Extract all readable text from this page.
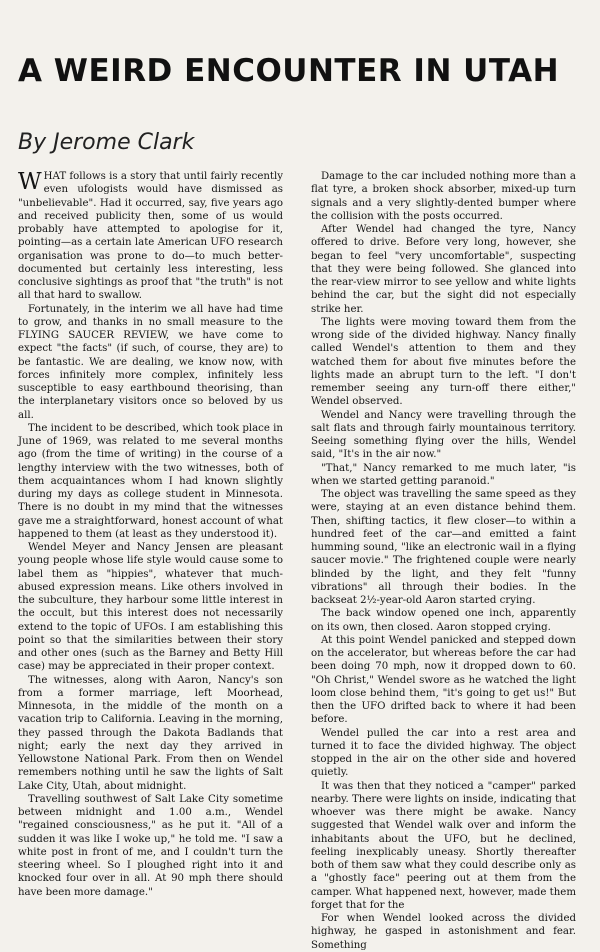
A WEIRD ENCOUNTER IN UTAH
By Jerome Clark

WHAT follows is a story that until fairly recently even ufologists would have dismissed as "unbelievable". Had it occurred, say, five years ago and received publicity then, some of us would probably have attempted to apologise for it, pointing—as a certain late American UFO research organisation was prone to do—to much better-documented but certainly less interesting, less conclusive sightings as proof that "the truth" is not all that hard to swallow.

Fortunately, in the interim we all have had time to grow, and thanks in no small measure to the FLYING SAUCER REVIEW, we have come to expect "the facts" (if such, of course, they are) to be fantastic. We are dealing, we know now, with forces infinitely more complex, infinitely less susceptible to easy earthbound theorising, than the interplanetary visitors once so beloved by us all.

The incident to be described, which took place in June of 1969, was related to me several months ago (from the time of writing) in the course of a lengthy interview with the two witnesses, both of them acquaintances whom I had known slightly during my days as college student in Minnesota. There is no doubt in my mind that the witnesses gave me a straightforward, honest account of what happened to them (at least as they understood it).

Wendel Meyer and Nancy Jensen are pleasant young people whose life style would cause some to label them as "hippies", whatever that much-abused expression means. Like others involved in the subculture, they harbour some little interest in the occult, but this interest does not necessarily extend to the topic of UFOs. I am establishing this point so that the similarities between their story and other ones (such as the Barney and Betty Hill case) may be appreciated in their proper context.

The witnesses, along with Aaron, Nancy's son from a former marriage, left Moorhead, Minnesota, in the middle of the month on a vacation trip to California. Leaving in the morning, they passed through the Dakota Badlands that night; early the next day they arrived in Yellowstone National Park. From then on Wendel remembers nothing until he saw the lights of Salt Lake City, Utah, about midnight.

Travelling southwest of Salt Lake City sometime between midnight and 1.00 a.m., Wendel "regained consciousness," as he put it. "All of a sudden it was like I woke up," he told me. "I saw a white post in front of me, and I couldn't turn the steering wheel. So I ploughed right into it and knocked four over in all. At 90 mph there should have been more damage."

Damage to the car included nothing more than a flat tyre, a broken shock absorber, mixed-up turn signals and a very slightly-dented bumper where the collision with the posts occurred.

After Wendel had changed the tyre, Nancy offered to drive. Before very long, however, she began to feel "very uncomfortable", suspecting that they were being followed. She glanced into the rear-view mirror to see yellow and white lights behind the car, but the sight did not especially strike her.

The lights were moving toward them from the wrong side of the divided highway. Nancy finally called Wendel's attention to them and they watched them for about five minutes before the lights made an abrupt turn to the left. "I don't remember seeing any turn-off there either," Wendel observed.

Wendel and Nancy were travelling through the salt flats and through fairly mountainous territory. Seeing something flying over the hills, Wendel said, "It's in the air now."

"That," Nancy remarked to me much later, "is when we started getting paranoid."

The object was travelling the same speed as they were, staying at an even distance behind them. Then, shifting tactics, it flew closer—to within a hundred feet of the car—and emitted a faint humming sound, "like an electronic wail in a flying saucer movie." The frightened couple were nearly blinded by the light, and they felt "funny vibrations" all through their bodies. In the backseat 2½-year-old Aaron started crying.

The back window opened one inch, apparently on its own, then closed. Aaron stopped crying.

At this point Wendel panicked and stepped down on the accelerator, but whereas before the car had been doing 70 mph, now it dropped down to 60. "Oh Christ," Wendel swore as he watched the light loom close behind them, "it's going to get us!" But then the UFO drifted back to where it had been before.

Wendel pulled the car into a rest area and turned it to face the divided highway. The object stopped in the air on the other side and hovered quietly.

It was then that they noticed a "camper" parked nearby. There were lights on inside, indicating that whoever was there might be awake. Nancy suggested that Wendel walk over and inform the inhabitants about the UFO, but he declined, feeling inexplicably uneasy. Shortly thereafter both of them saw what they could describe only as a "ghostly face" peering out at them from the camper. What happened next, however, made them forget that for the

For when Wendel looked across the divided highway, he gasped in astonishment and fear. Something
